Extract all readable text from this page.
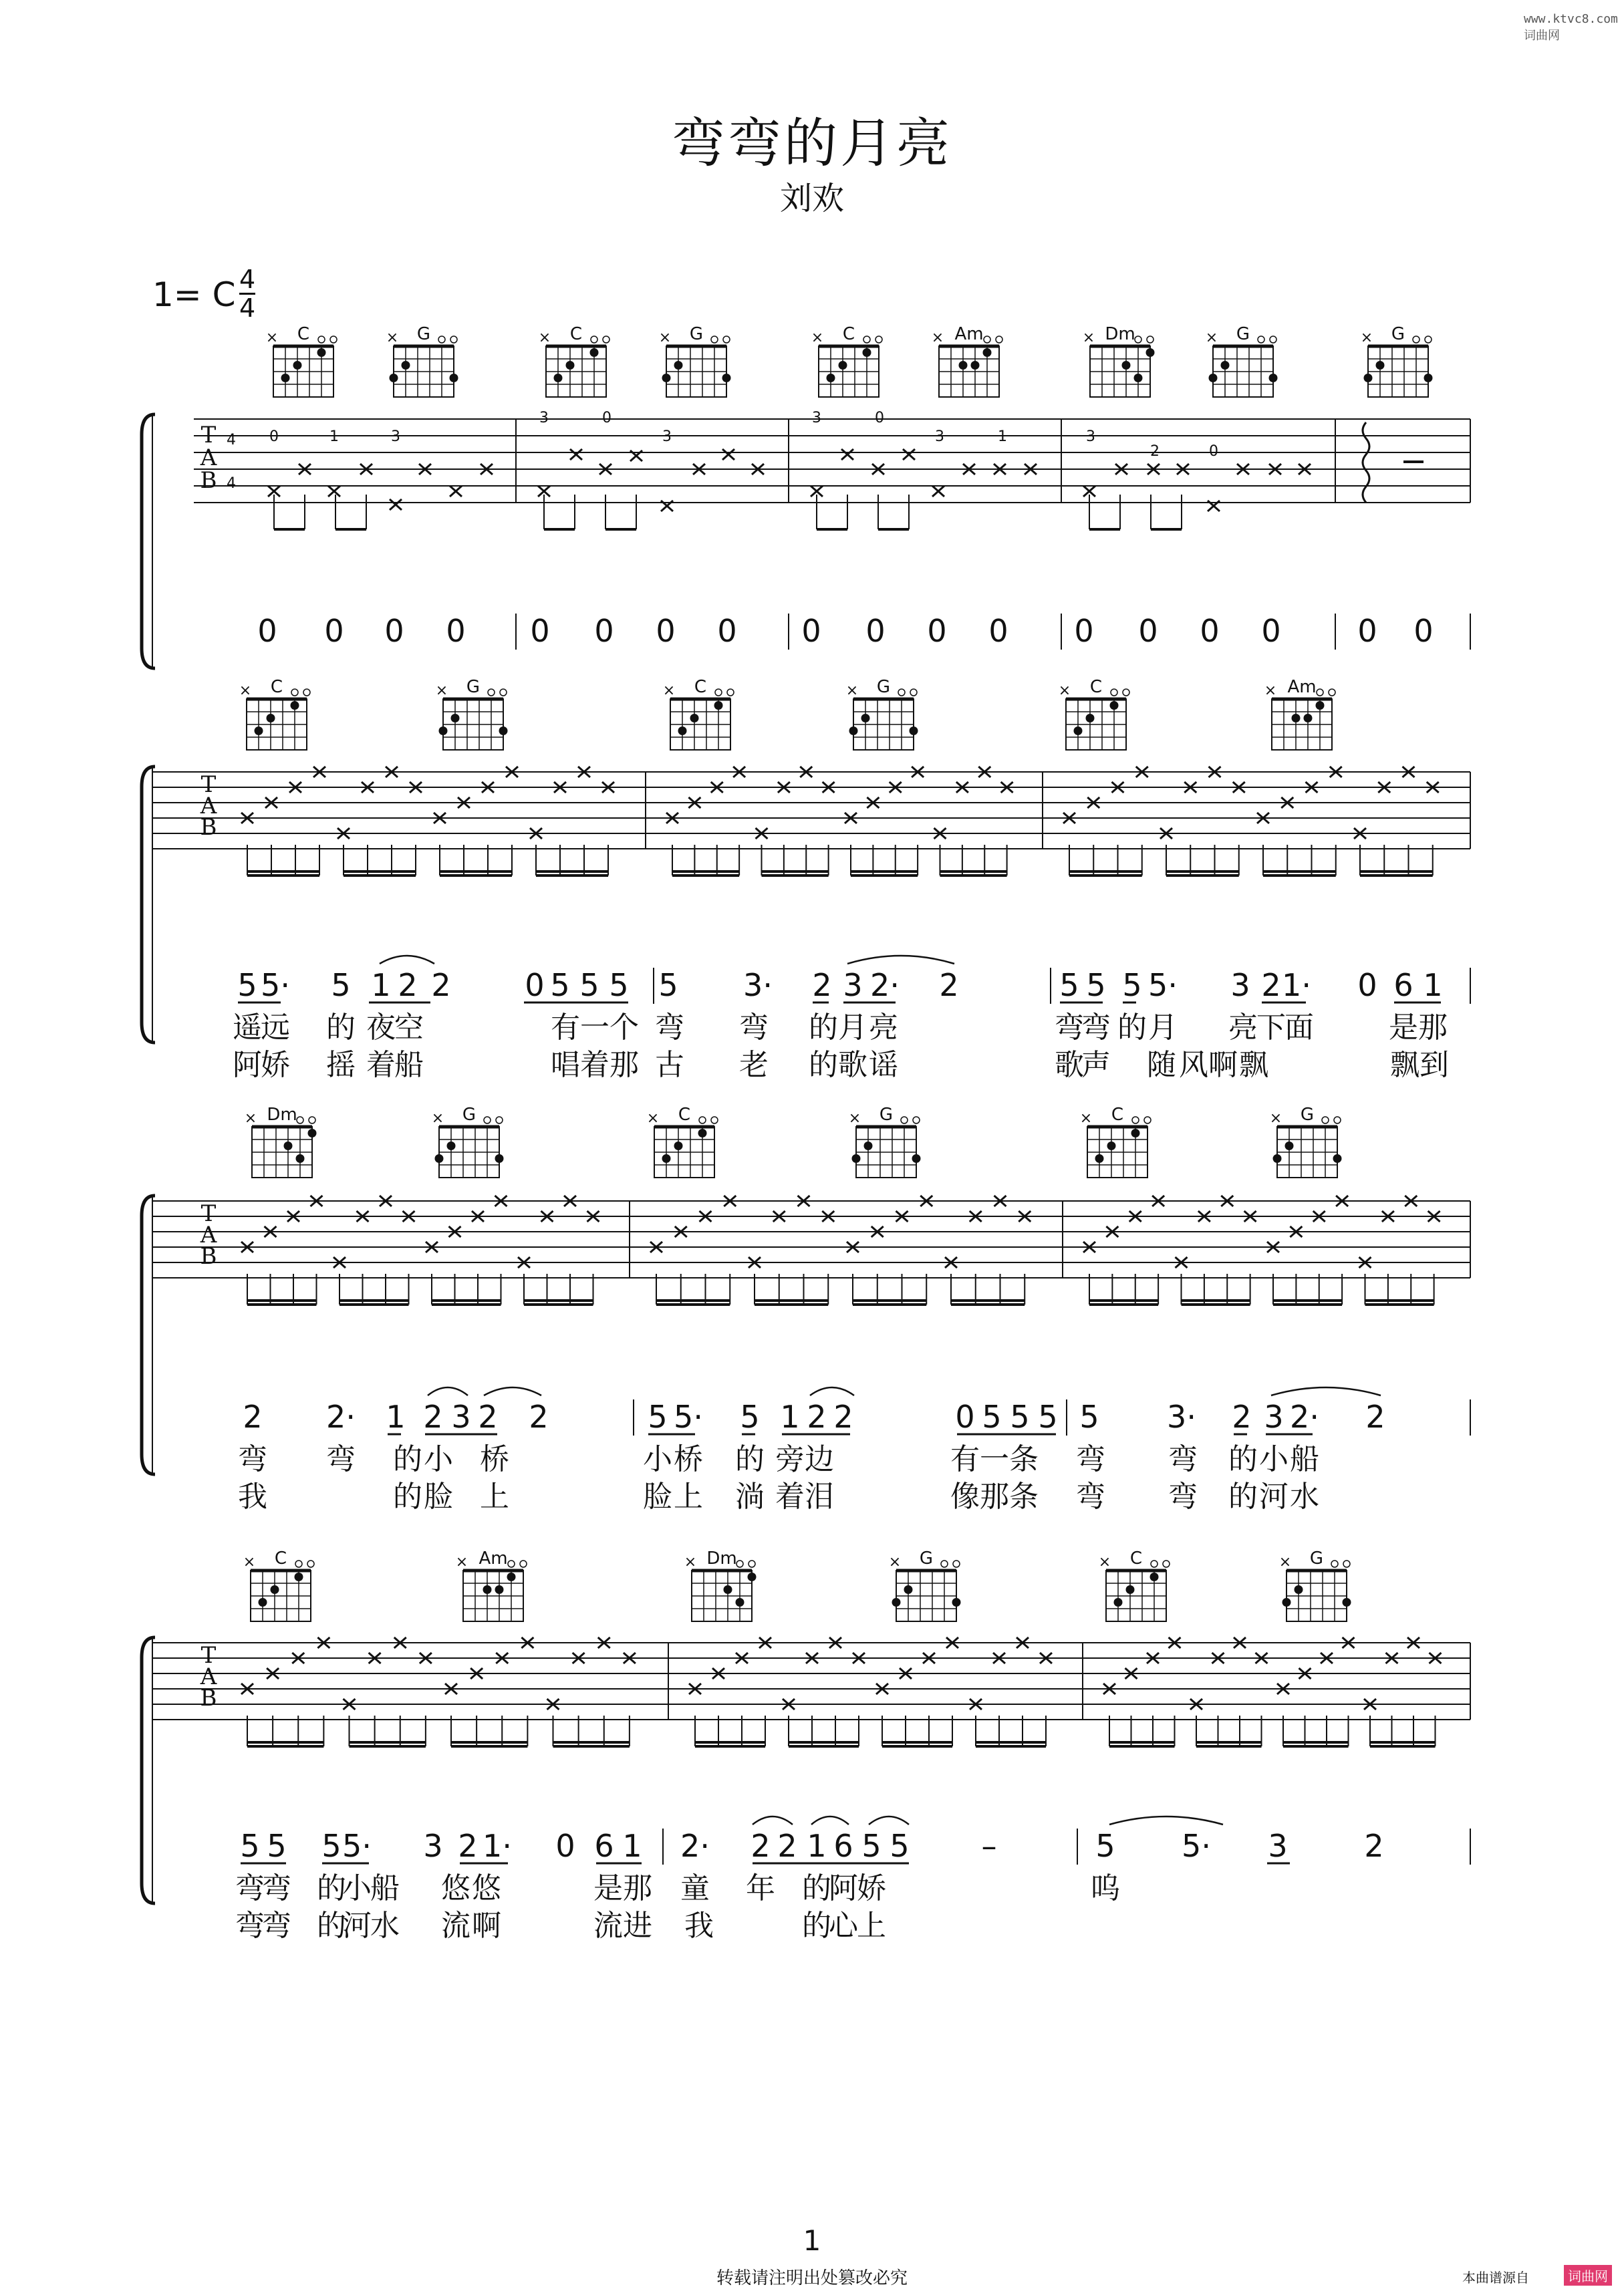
www.ktvc8.com 词曲网
弯弯的月亮
刘欢
1= C 4
4
C
×	G
×	C
×	G
×	C
×	Am
×	Dm
×	G
×	G
×
T
A
B
4
4
0	1	3
3	0
3
3	0
3	1	3
2	0
0 0 0 0 0 0 0 0 0 0 0 0 0 0 0 0 0 0
C
×	G
×	C
×	G
×	C
×	Am
×
T
A
B
5 5· 5 1 2 2 0 5 5 5 5 3· 2 3 2· 2	5 5 5 5· 3 2 1· 0 6 1
遥
远 的 夜
空	有 一 个 弯 弯 的 月 亮	弯
弯 的 月 亮
下
面	是 那
阿
娇 摇 着
船	唱 着 那 古 老 的 歌 谣	歌
声 随 风 啊 飘	飘 到
Dm
×	G
×	C
×	G
×	C
×	G
×
T
A
B
2 2· 1 2 3 2 2	5 5· 5 1 2 2	0 5 5 5 5 3· 2 3 2· 2
弯 弯 的 小 桥	小 桥 的 旁 边	有 一 条 弯 弯 的 小 船
我	的 脸 上	脸 上 淌 着 泪	像 那 条 弯 弯 的 河 水
C
×	Am
×	Dm
×	G
×	C
×	G
×
T
A
B
5 5 5 5· 3 2 1· 0 6 1 2· 2 2 1 6 5 5 –	5 5· 3 2
弯
弯 的
小
船 悠 悠	是 那 童 年 的
阿
娇	呜
弯
弯 的
河
水 流 啊	流 进 我	的
心
上
1
转载请注明出处篡改必究	本曲谱源自	词曲网
